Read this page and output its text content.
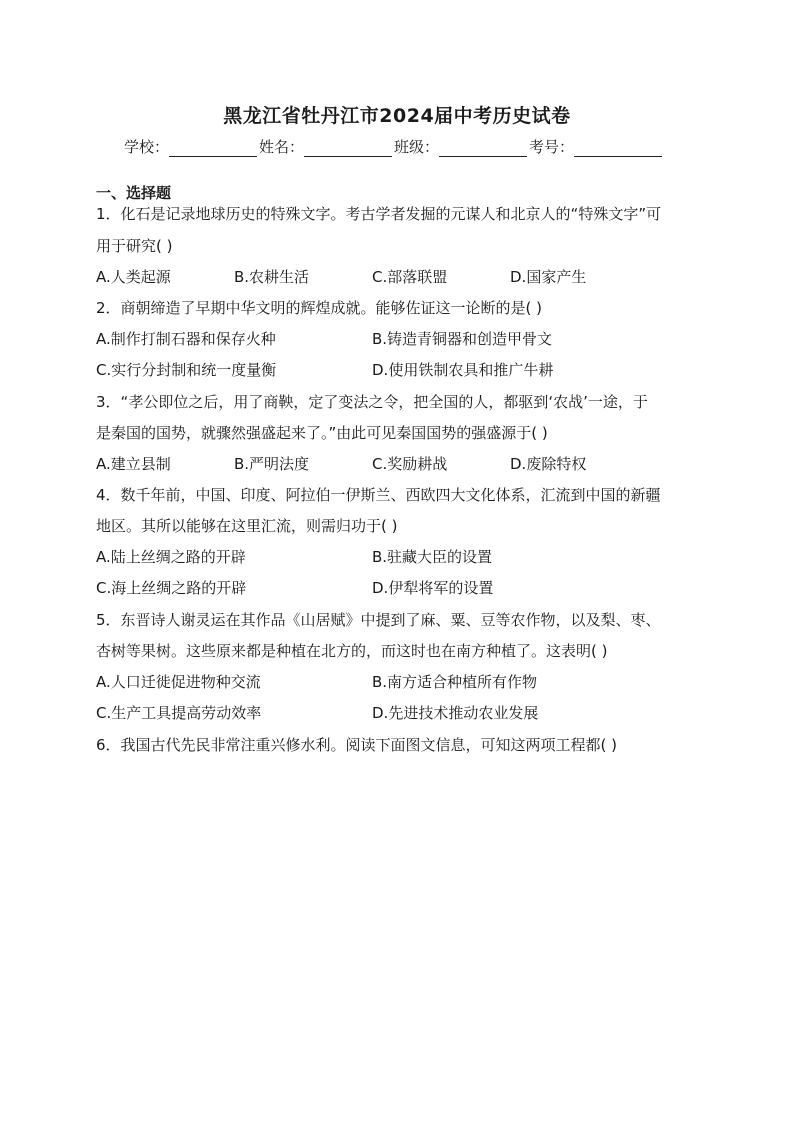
黑龙江省牡丹江市2024届中考历史试卷
学校：	姓名：	班级：	考号：
一、选择题
1．化石是记录地球历史的特殊文字。考古学者发掘的元谋人和北京人的“特殊文字”可
用于研究( )
A.人类起源	B.农耕生活	C.部落联盟	D.国家产生
2．商朝缔造了早期中华文明的辉煌成就。能够佐证这一论断的是( )
A.制作打制石器和保存火种	B.铸造青铜器和创造甲骨文
C.实行分封制和统一度量衡	D.使用铁制农具和推广牛耕
3．“孝公即位之后，用了商鞅，定了变法之令，把全国的人，都驱到‘农战’一途，于
是秦国的国势，就骤然强盛起来了。”由此可见秦国国势的强盛源于( )
A.建立县制	B.严明法度	C.奖励耕战	D.废除特权
4．数千年前，中国、印度、阿拉伯一伊斯兰、西欧四大文化体系，汇流到中国的新疆
地区。其所以能够在这里汇流，则需归功于( )
A.陆上丝绸之路的开辟	B.驻藏大臣的设置
C.海上丝绸之路的开辟	D.伊犁将军的设置
5．东晋诗人谢灵运在其作品《山居赋》中提到了麻、粟、豆等农作物，以及梨、枣、
杏树等果树。这些原来都是种植在北方的，而这时也在南方种植了。这表明( )
A.人口迁徙促进物种交流	B.南方适合种植所有作物
C.生产工具提高劳动效率	D.先进技术推动农业发展
6．我国古代先民非常注重兴修水利。阅读下面图文信息，可知这两项工程都( )
